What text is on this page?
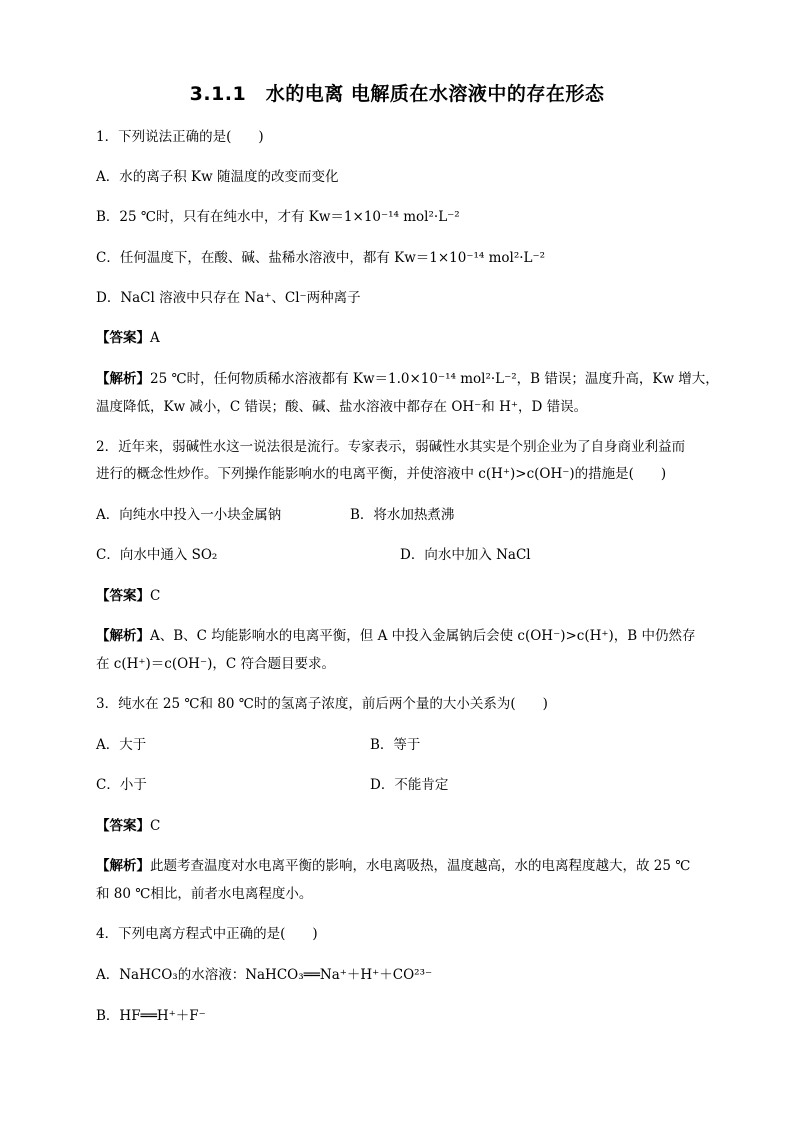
3.1.1　水的电离 电解质在水溶液中的存在形态
1．下列说法正确的是(　　)
A．水的离子积 Kw 随温度的改变而变化
B．25 ℃时，只有在纯水中，才有 Kw＝1×10⁻¹⁴ mol²·L⁻²
C．任何温度下，在酸、碱、盐稀水溶液中，都有 Kw＝1×10⁻¹⁴ mol²·L⁻²
D．NaCl 溶液中只存在 Na⁺、Cl⁻两种离子
【答案】A
【解析】25 ℃时，任何物质稀水溶液都有 Kw＝1.0×10⁻¹⁴ mol²·L⁻²，B 错误；温度升高，Kw 增大，
温度降低，Kw 减小，C 错误；酸、碱、盐水溶液中都存在 OH⁻和 H⁺，D 错误。
2．近年来，弱碱性水这一说法很是流行。专家表示，弱碱性水其实是个别企业为了自身商业利益而
进行的概念性炒作。下列操作能影响水的电离平衡，并使溶液中 c(H⁺)>c(OH⁻)的措施是(　　)
A．向纯水中投入一小块金属钠	B．将水加热煮沸
C．向水中通入 SO₂	D．向水中加入 NaCl
【答案】C
【解析】A、B、C 均能影响水的电离平衡，但 A 中投入金属钠后会使 c(OH⁻)>c(H⁺)，B 中仍然存
在 c(H⁺)＝c(OH⁻)，C 符合题目要求。
3．纯水在 25 ℃和 80 ℃时的氢离子浓度，前后两个量的大小关系为(　　)
A．大于	B．等于
C．小于	D．不能肯定
【答案】C
【解析】此题考查温度对水电离平衡的影响，水电离吸热，温度越高，水的电离程度越大，故 25 ℃
和 80 ℃相比，前者水电离程度小。
4．下列电离方程式中正确的是(　　)
A．NaHCO₃的水溶液：NaHCO₃══Na⁺＋H⁺＋CO²³⁻
B．HF══H⁺＋F⁻
